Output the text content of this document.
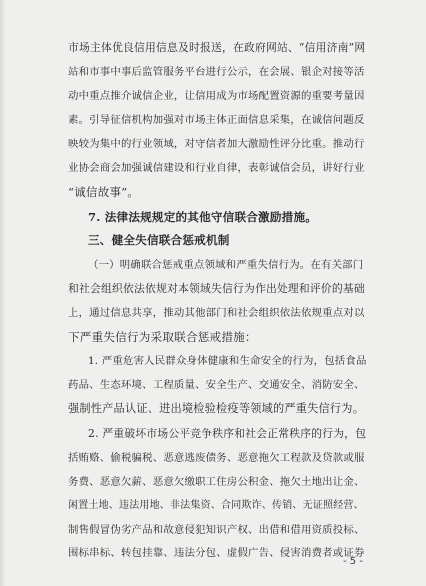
市场主体优良信用信息及时报送，在政府网站、“信用济南”网
站和市事中事后监管服务平台进行公示，在会展、银企对接等活
动中重点推介诚信企业，让信用成为市场配置资源的重要考量因
素。引导征信机构加强对市场主体正面信息采集，在诚信问题反
映较为集中的行业领域，对守信者加大激励性评分比重。推动行
业协会商会加强诚信建设和行业自律，表彰诚信会员，讲好行业
“诚信故事”。
7. 法律法规规定的其他守信联合激励措施。
三、健全失信联合惩戒机制
（一）明确联合惩戒重点领域和严重失信行为。在有关部门
和社会组织依法依规对本领域失信行为作出处理和评价的基础
上，通过信息共享，推动其他部门和社会组织依法依规重点对以
下严重失信行为采取联合惩戒措施：
1. 严重危害人民群众身体健康和生命安全的行为，包括食品
药品、生态环境、工程质量、安全生产、交通安全、消防安全、
强制性产品认证、进出境检验检疫等领域的严重失信行为。
2. 严重破坏市场公平竞争秩序和社会正常秩序的行为，包
括贿赂、偷税骗税、恶意逃废债务、恶意拖欠工程款及贷款或服
务费、恶意欠薪、恶意欠缴职工住房公积金、拖欠土地出让金、
闲置土地、违法用地、非法集资、合同欺诈、传销、无证照经营、
制售假冒伪劣产品和故意侵犯知识产权、出借和借用资质投标、
围标串标、转包挂靠、违法分包、虚假广告、侵害消费者或证券
- 5 -
